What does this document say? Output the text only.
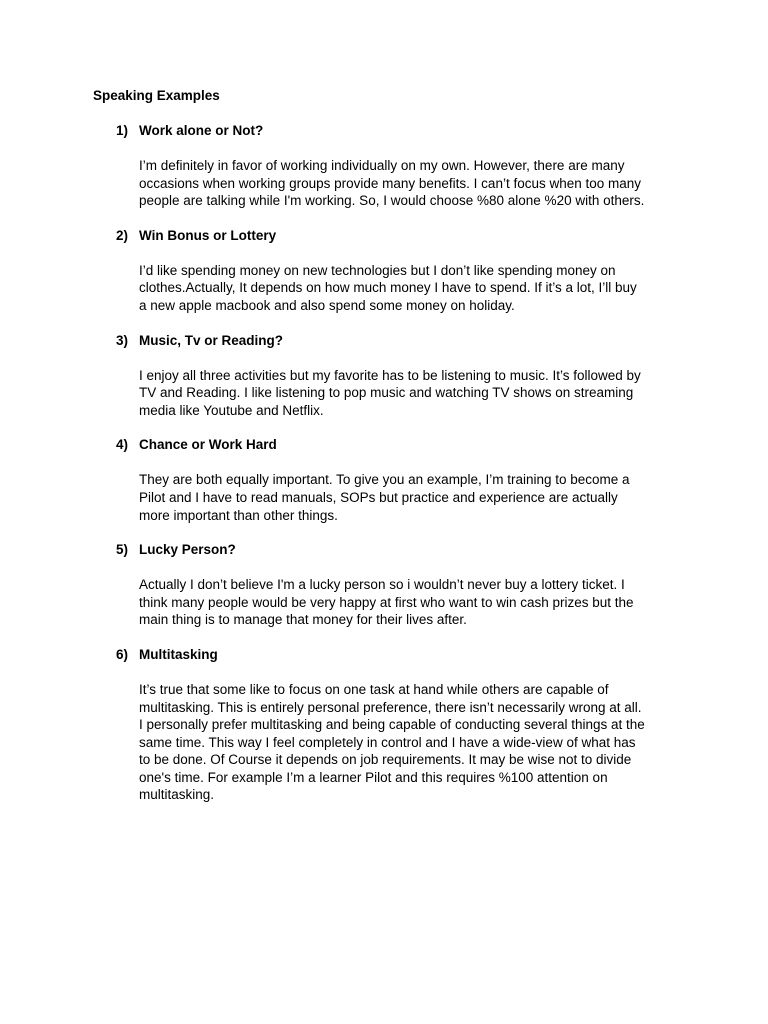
Speaking Examples
1) Work alone or Not?
I’m definitely in favor of working individually on my own. However, there are many
occasions when working groups provide many benefits. I can’t focus when too many
people are talking while I'm working. So, I would choose %80 alone %20 with others.
2) Win Bonus or Lottery
I’d like spending money on new technologies but I don’t like spending money on
clothes.Actually, It depends on how much money I have to spend. If it’s a lot, I’ll buy
a new apple macbook and also spend some money on holiday.
3) Music, Tv or Reading?
I enjoy all three activities but my favorite has to be listening to music. It’s followed by
TV and Reading. I like listening to pop music and watching TV shows on streaming
media like Youtube and Netflix.
4) Chance or Work Hard
They are both equally important. To give you an example, I’m training to become a
Pilot and I have to read manuals, SOPs but practice and experience are actually
more important than other things.
5) Lucky Person?
Actually I don’t believe I'm a lucky person so i wouldn’t never buy a lottery ticket. I
think many people would be very happy at first who want to win cash prizes but the
main thing is to manage that money for their lives after.
6) Multitasking
It’s true that some like to focus on one task at hand while others are capable of
multitasking. This is entirely personal preference, there isn’t necessarily wrong at all.
I personally prefer multitasking and being capable of conducting several things at the
same time. This way I feel completely in control and I have a wide-view of what has
to be done. Of Course it depends on job requirements. It may be wise not to divide
one's time. For example I’m a learner Pilot and this requires %100 attention on
multitasking.
